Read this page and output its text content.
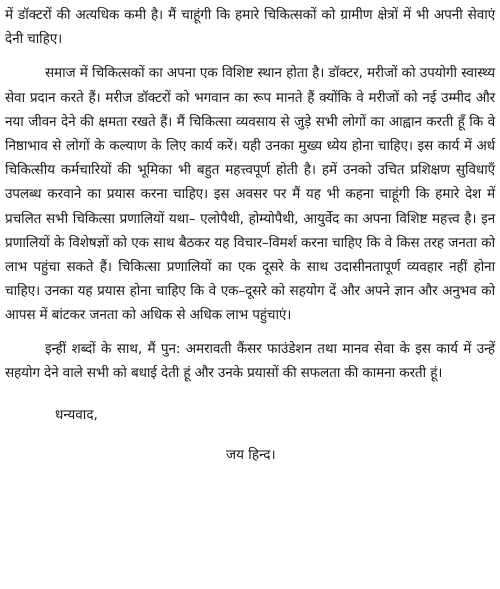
में डॉक्टरों की अत्यधिक कमी है। मैं चाहूंगी कि हमारे चिकित्सकों को ग्रामीण क्षेत्रों में भी अपनी सेवाएं देनी चाहिए।

समाज में चिकित्सकों का अपना एक विशिष्ट स्थान होता है। डॉक्टर, मरीजों को उपयोगी स्वास्थ्य सेवा प्रदान करते हैं। मरीज डॉक्टरों को भगवान का रूप मानते हैं क्योंकि वे मरीजों को नई उम्मीद और नया जीवन देने की क्षमता रखते हैं। मैं चिकित्सा व्यवसाय से जुड़े सभी लोगों का आह्वान करती हूँ कि वे निष्ठाभाव से लोगों के कल्याण के लिए कार्य करें। यही उनका मुख्य ध्येय होना चाहिए। इस कार्य में अर्ध चिकित्सीय कर्मचारियों की भूमिका भी बहुत महत्त्वपूर्ण होती है। हमें उनको उचित प्रशिक्षण सुविधाएँ उपलब्ध करवाने का प्रयास करना चाहिए। इस अवसर पर मैं यह भी कहना चाहूंगी कि हमारे देश में प्रचलित सभी चिकित्सा प्रणालियों यथा– एलोपैथी, होम्योपैथी, आयुर्वेद का अपना विशिष्ट महत्त्व है। इन प्रणालियों के विशेषज्ञों को एक साथ बैठकर यह विचार–विमर्श करना चाहिए कि वे किस तरह जनता को लाभ पहुंचा सकते हैं। चिकित्सा प्रणालियों का एक दूसरे के साथ उदासीनतापूर्ण व्यवहार नहीं होना चाहिए। उनका यह प्रयास होना चाहिए कि वे एक–दूसरे को सहयोग दें और अपने ज्ञान और अनुभव को आपस में बांटकर जनता को अधिक से अधिक लाभ पहुंचाएं।

इन्हीं शब्दों के साथ, मैं पुन: अमरावती कैंसर फाउंडेशन तथा मानव सेवा के इस कार्य में उन्हें सहयोग देने वाले सभी को बधाई देती हूं और उनके प्रयासों की सफलता की कामना करती हूं।

धन्यवाद,

जय हिन्द।
